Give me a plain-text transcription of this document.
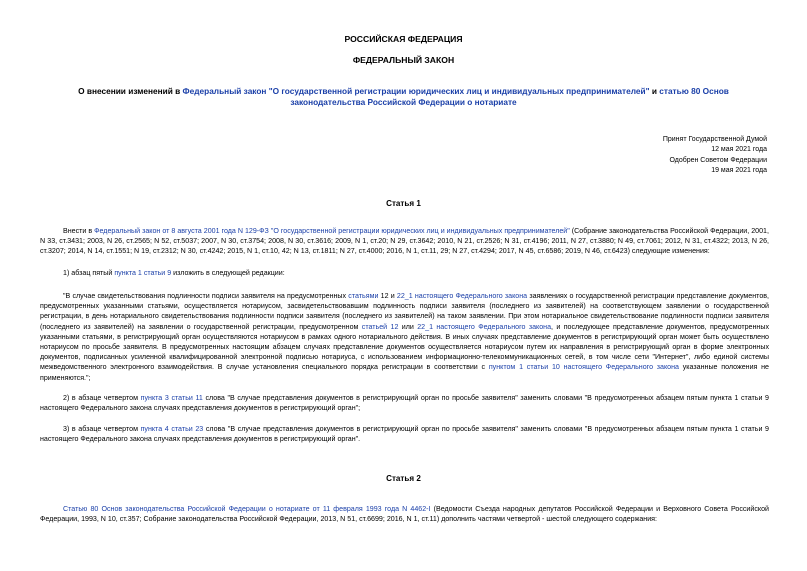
РОССИЙСКАЯ ФЕДЕРАЦИЯ
ФЕДЕРАЛЬНЫЙ ЗАКОН
О внесении изменений в Федеральный закон "О государственной регистрации юридических лиц и индивидуальных предпринимателей" и статью 80 Основ законодательства Российской Федерации о нотариате
Принят Государственной Думой
12 мая 2021 года
Одобрен Советом Федерации
19 мая 2021 года
Статья 1
Внести в Федеральный закон от 8 августа 2001 года N 129-ФЗ "О государственной регистрации юридических лиц и индивидуальных предпринимателей" (Собрание законодательства Российской Федерации, 2001, N 33, ст.3431; 2003, N 26, ст.2565; N 52, ст.5037; 2007, N 30, ст.3754; 2008, N 30, ст.3616; 2009, N 1, ст.20; N 29, ст.3642; 2010, N 21, ст.2526; N 31, ст.4196; 2011, N 27, ст.3880; N 49, ст.7061; 2012, N 31, ст.4322; 2013, N 26, ст.3207; 2014, N 14, ст.1551; N 19, ст.2312; N 30, ст.4242; 2015, N 1, ст.10, 42; N 13, ст.1811; N 27, ст.4000; 2016, N 1, ст.11, 29; N 27, ст.4294; 2017, N 45, ст.6586; 2019, N 46, ст.6423) следующие изменения:
1) абзац пятый пункта 1 статьи 9 изложить в следующей редакции:
"В случае свидетельствования подлинности подписи заявителя на предусмотренных статьями 12 и 22_1 настоящего Федерального закона заявлениях о государственной регистрации представление документов, предусмотренных указанными статьями, осуществляется нотариусом, засвидетельствовавшим подлинность подписи заявителя (последнего из заявителей) на соответствующем заявлении о государственной регистрации, в день нотариального свидетельствования подлинности подписи заявителя (последнего из заявителей) на таком заявлении. При этом нотариальное свидетельствование подлинности подписи заявителя (последнего из заявителей) на заявлении о государственной регистрации, предусмотренном статьей 12 или 22_1 настоящего Федерального закона, и последующее представление документов, предусмотренных указанными статьями, в регистрирующий орган осуществляются нотариусом в рамках одного нотариального действия. В иных случаях представление документов в регистрирующий орган может быть осуществлено нотариусом по просьбе заявителя. В предусмотренных настоящим абзацем случаях представление документов осуществляется нотариусом путем их направления в регистрирующий орган в форме электронных документов, подписанных усиленной квалифицированной электронной подписью нотариуса, с использованием информационно-телекоммуникационных сетей, в том числе сети "Интернет", либо единой системы межведомственного электронного взаимодействия. В случае установления специального порядка регистрации в соответствии с пунктом 1 статьи 10 настоящего Федерального закона указанные положения не применяются.";
2) в абзаце четвертом пункта 3 статьи 11 слова "В случае представления документов в регистрирующий орган по просьбе заявителя" заменить словами "В предусмотренных абзацем пятым пункта 1 статьи 9 настоящего Федерального закона случаях представления документов в регистрирующий орган";
3) в абзаце четвертом пункта 4 статьи 23 слова "В случае представления документов в регистрирующий орган по просьбе заявителя" заменить словами "В предусмотренных абзацем пятым пункта 1 статьи 9 настоящего Федерального закона случаях представления документов в регистрирующий орган".
Статья 2
Статью 80 Основ законодательства Российской Федерации о нотариате от 11 февраля 1993 года N 4462-I (Ведомости Съезда народных депутатов Российской Федерации и Верховного Совета Российской Федерации, 1993, N 10, ст.357; Собрание законодательства Российской Федерации, 2013, N 51, ст.6699; 2016, N 1, ст.11) дополнить частями четвертой - шестой следующего содержания:
